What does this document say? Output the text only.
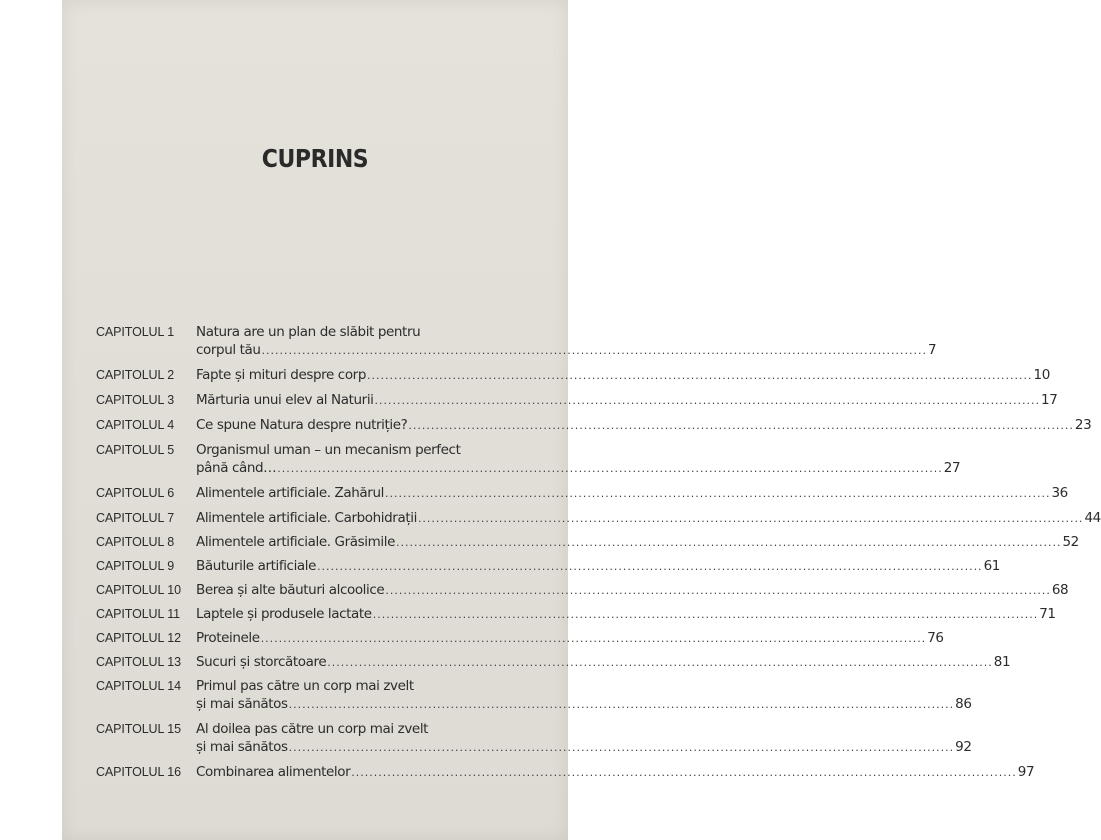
CUPRINS
CAPITOLUL 1	Natura are un plan de slăbit pentru
corpul tău .....	7
CAPITOLUL 2	Fapte și mituri despre corp .....	10
CAPITOLUL 3	Mărturia unui elev al Naturii .....	17
CAPITOLUL 4	Ce spune Natura despre nutriție? .....	23
CAPITOLUL 5	Organismul uman – un mecanism perfect
până când… .....	27
CAPITOLUL 6	Alimentele artificiale. Zahărul .....	36
CAPITOLUL 7	Alimentele artificiale. Carbohidrații .....	44
CAPITOLUL 8	Alimentele artificiale. Grăsimile .....	52
CAPITOLUL 9	Băuturile artificiale .....	61
CAPITOLUL 10	Berea și alte băuturi alcoolice .....	68
CAPITOLUL 11	Laptele și produsele lactate .....	71
CAPITOLUL 12	Proteinele .....	76
CAPITOLUL 13	Sucuri și storcătoare .....	81
CAPITOLUL 14	Primul pas către un corp mai zvelt
și mai sănătos .....	86
CAPITOLUL 15	Al doilea pas către un corp mai zvelt
și mai sănătos .....	92
CAPITOLUL 16	Combinarea alimentelor .....	97
